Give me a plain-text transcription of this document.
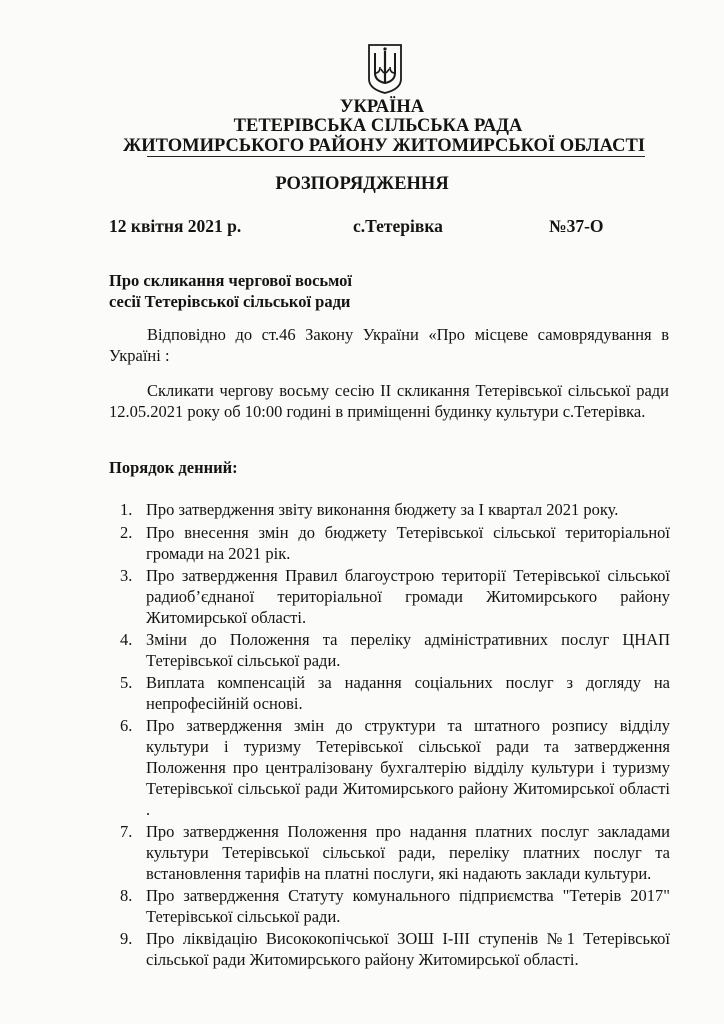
УКРАЇНА
ТЕТЕРІВСЬКА СІЛЬСЬКА РАДА
ЖИТОМИРСЬКОГО РАЙОНУ ЖИТОМИРСЬКОЇ ОБЛАСТІ
РОЗПОРЯДЖЕННЯ
12 квітня 2021 р.	с.Тетерівка	№37-О
Про скликання чергової восьмої
сесії Тетерівської сільської ради
Відповідно до ст.46 Закону України «Про місцеве самоврядування в Україні :
Скликати чергову восьму сесію ІІ скликання Тетерівської сільської ради 12.05.2021 року об 10:00 годині в приміщенні будинку культури с.Тетерівка.
Порядок денний:
1. Про затвердження звіту виконання бюджету за І квартал 2021 року.
2. Про внесення змін до бюджету Тетерівської сільської територіальної громади на 2021 рік.
3. Про затвердження Правил благоустрою території Тетерівської сільської радиоб’єднаної територіальної громади Житомирського району Житомирської області.
4. Зміни до Положення та переліку адміністративних послуг ЦНАП Тетерівської сільської ради.
5. Виплата компенсацій за надання соціальних послуг з догляду на непрофесійній основі.
6. Про затвердження змін до структури та штатного розпису відділу культури і туризму Тетерівської сільської ради та затвердження Положення про централізовану бухгалтерію відділу культури і туризму Тетерівської сільської ради Житомирського району Житомирської області .
7. Про затвердження Положення про надання платних послуг закладами культури Тетерівської сільської ради, переліку платних послуг та встановлення тарифів на платні послуги, які надають заклади культури.
8. Про затвердження Статуту комунального підприємства "Тетерів 2017" Тетерівської сільської ради.
9. Про ліквідацію Висококопічської ЗОШ І-ІІІ ступенів №1 Тетерівської сільської ради Житомирського району Житомирської області.
